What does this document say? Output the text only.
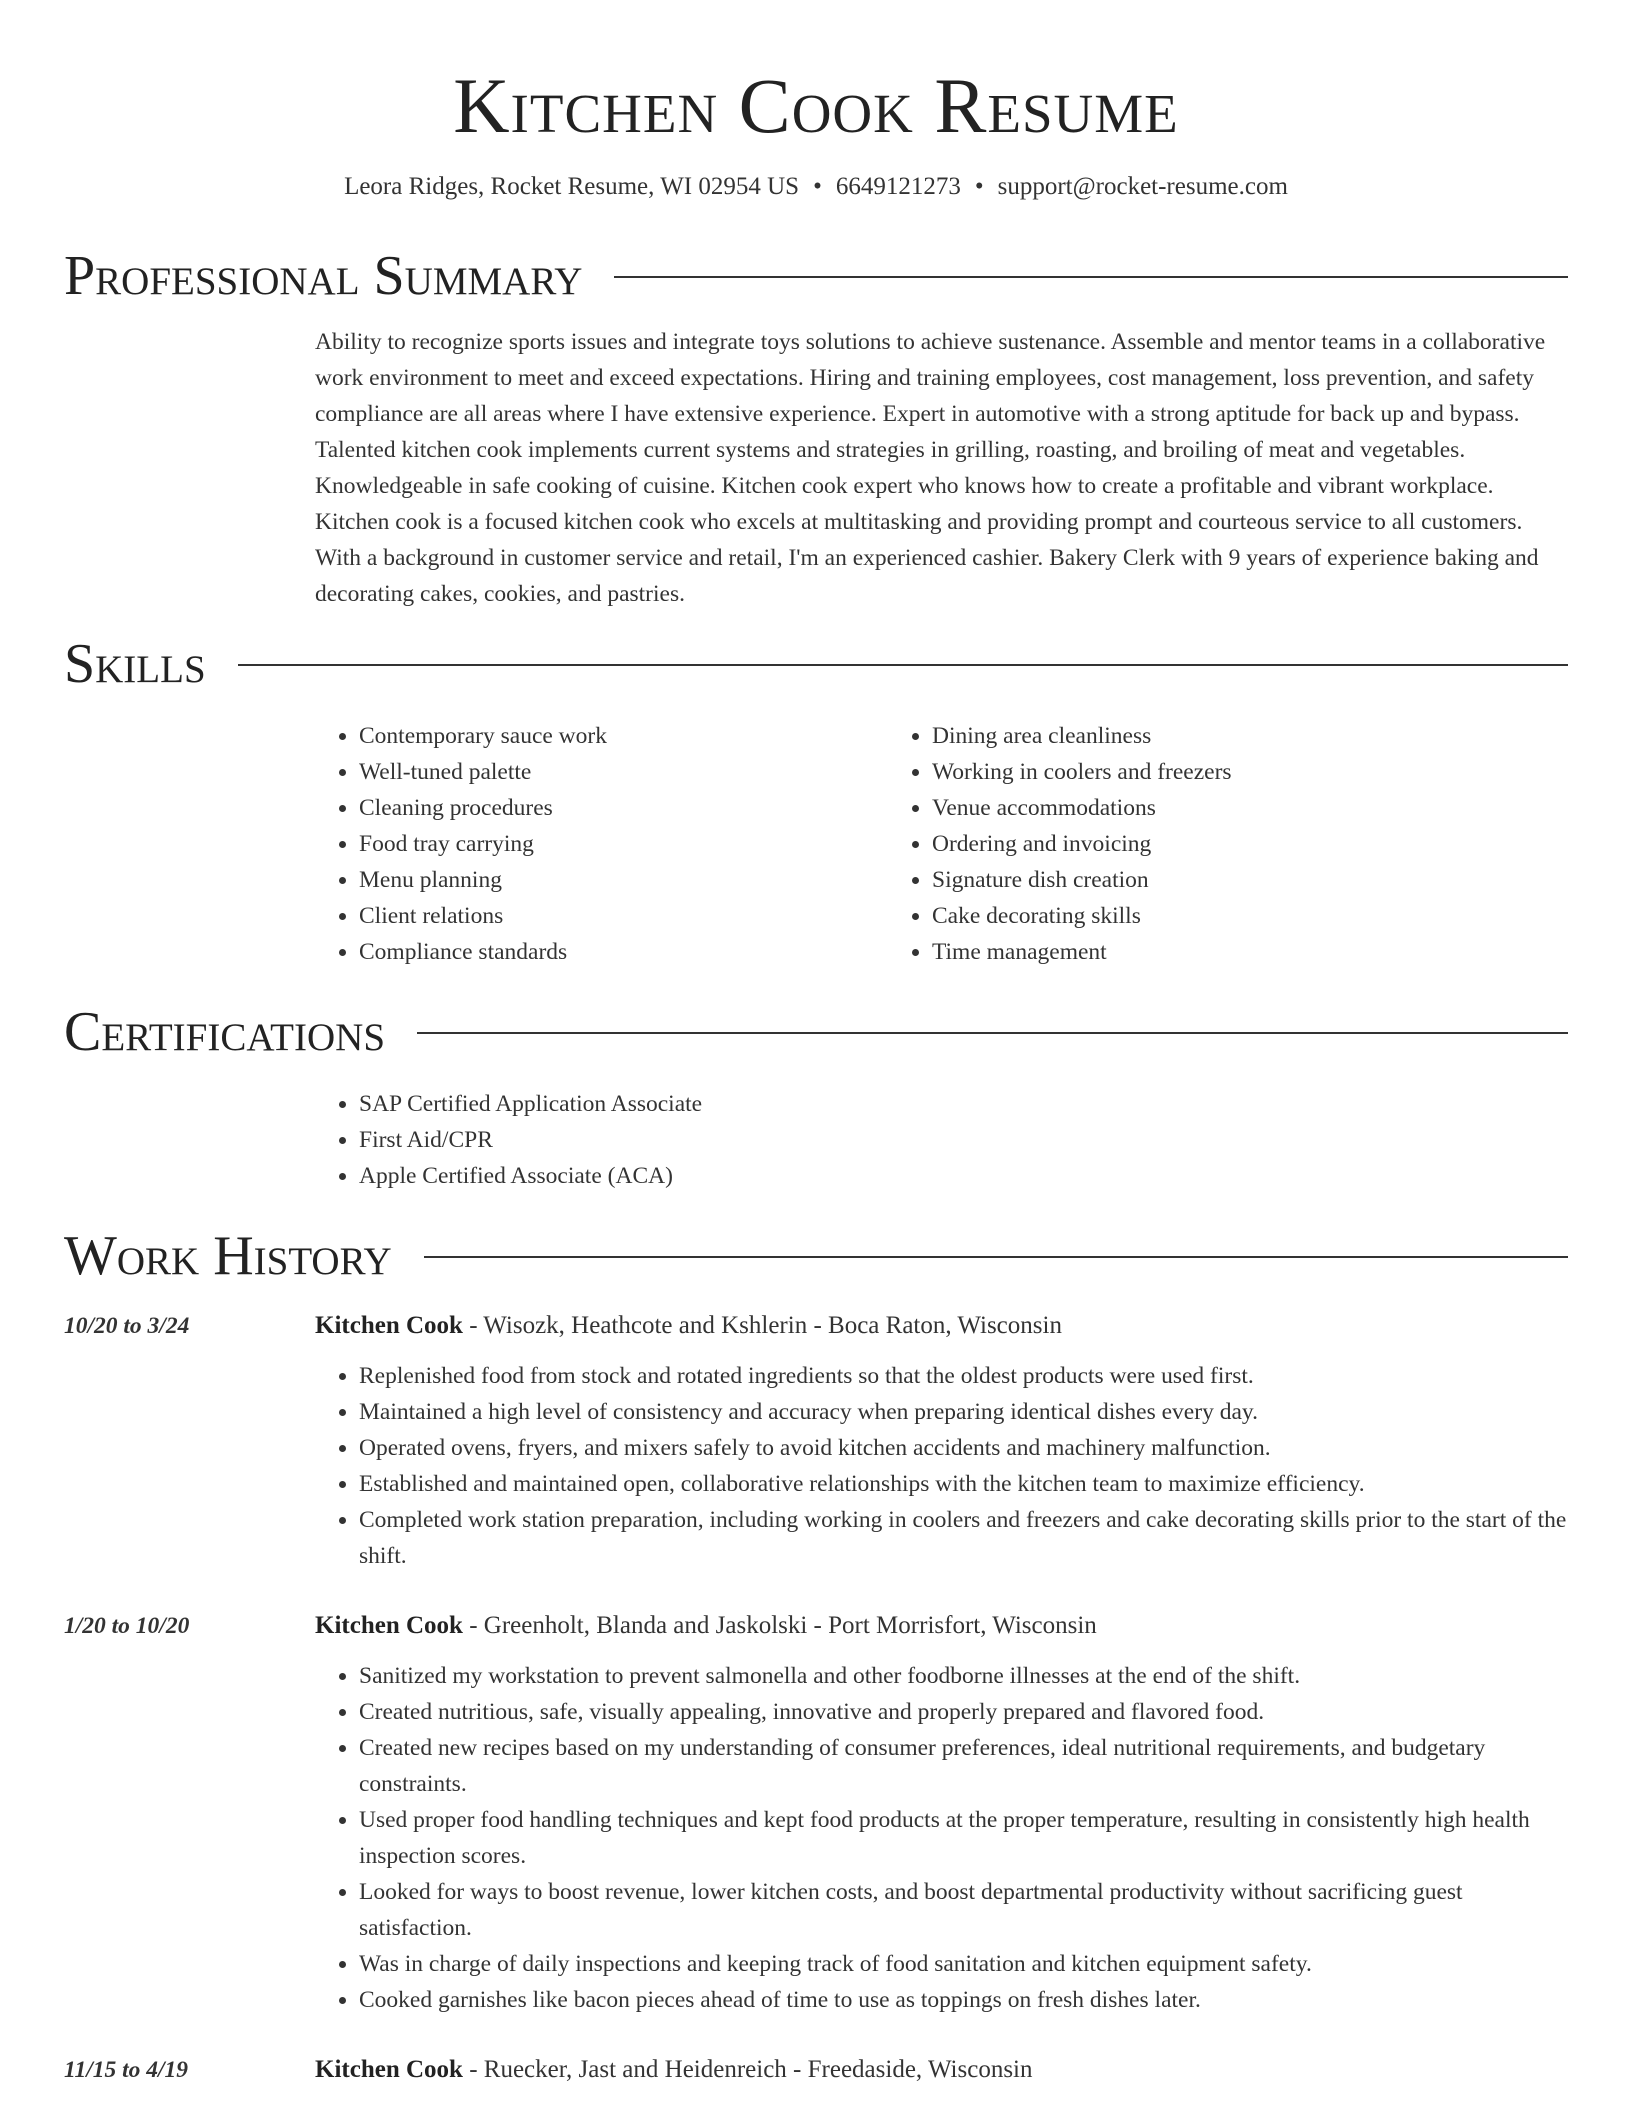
Kitchen Cook Resume
Leora Ridges, Rocket Resume, WI 02954 US • 6649121273 • support@rocket-resume.com
Professional Summary

Ability to recognize sports issues and integrate toys solutions to achieve sustenance. Assemble and mentor teams in a collaborative work environment to meet and exceed expectations. Hiring and training employees, cost management, loss prevention, and safety compliance are all areas where I have extensive experience. Expert in automotive with a strong aptitude for back up and bypass. Talented kitchen cook implements current systems and strategies in grilling, roasting, and broiling of meat and vegetables. Knowledgeable in safe cooking of cuisine. Kitchen cook expert who knows how to create a profitable and vibrant workplace. Kitchen cook is a focused kitchen cook who excels at multitasking and providing prompt and courteous service to all customers. With a background in customer service and retail, I'm an experienced cashier. Bakery Clerk with 9 years of experience baking and decorating cakes, cookies, and pastries.

Skills
• Contemporary sauce work
• Well-tuned palette
• Cleaning procedures
• Food tray carrying
• Menu planning
• Client relations
• Compliance standards
• Dining area cleanliness
• Working in coolers and freezers
• Venue accommodations
• Ordering and invoicing
• Signature dish creation
• Cake decorating skills
• Time management
Certifications
• SAP Certified Application Associate
• First Aid/CPR
• Apple Certified Associate (ACA)
Work History
10/20 to 3/24	Kitchen Cook - Wisozk, Heathcote and Kshlerin - Boca Raton, Wisconsin
• Replenished food from stock and rotated ingredients so that the oldest products were used first.
• Maintained a high level of consistency and accuracy when preparing identical dishes every day.
• Operated ovens, fryers, and mixers safely to avoid kitchen accidents and machinery malfunction.
• Established and maintained open, collaborative relationships with the kitchen team to maximize efficiency.
• Completed work station preparation, including working in coolers and freezers and cake decorating skills prior to the start of the shift.
1/20 to 10/20	Kitchen Cook - Greenholt, Blanda and Jaskolski - Port Morrisfort, Wisconsin
• Sanitized my workstation to prevent salmonella and other foodborne illnesses at the end of the shift.
• Created nutritious, safe, visually appealing, innovative and properly prepared and flavored food.
• Created new recipes based on my understanding of consumer preferences, ideal nutritional requirements, and budgetary constraints.
• Used proper food handling techniques and kept food products at the proper temperature, resulting in consistently high health inspection scores.
• Looked for ways to boost revenue, lower kitchen costs, and boost departmental productivity without sacrificing guest satisfaction.
• Was in charge of daily inspections and keeping track of food sanitation and kitchen equipment safety.
• Cooked garnishes like bacon pieces ahead of time to use as toppings on fresh dishes later.
11/15 to 4/19	Kitchen Cook - Ruecker, Jast and Heidenreich - Freedaside, Wisconsin
